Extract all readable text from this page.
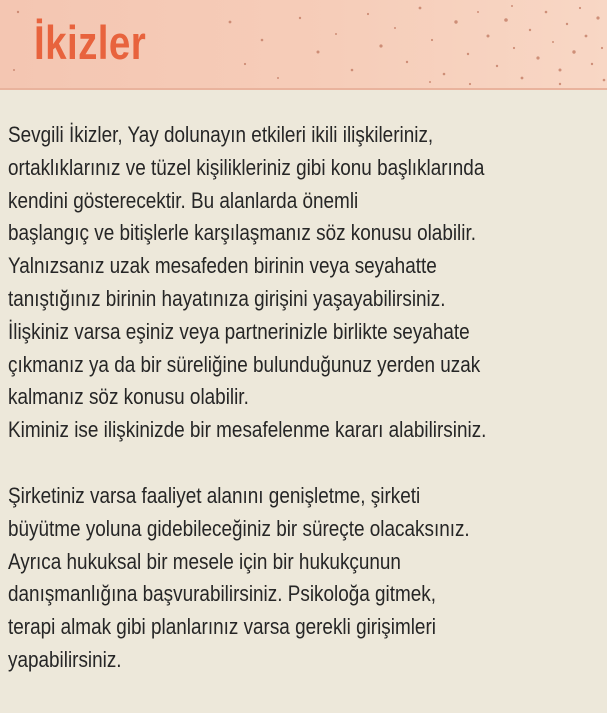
İkizler

Sevgili İkizler, Yay dolunayın etkileri ikili ilişkileriniz,
ortaklıklarınız ve tüzel kişilikleriniz gibi konu başlıklarında
kendini gösterecektir. Bu alanlarda önemli
başlangıç ve bitişlerle karşılaşmanız söz konusu olabilir.
Yalnızsanız uzak mesafeden birinin veya seyahatte
tanıştığınız birinin hayatınıza girişini yaşayabilirsiniz.
İlişkiniz varsa eşiniz veya partnerinizle birlikte seyahate
çıkmanız ya da bir süreliğine bulunduğunuz yerden uzak
kalmanız söz konusu olabilir.
Kiminiz ise ilişkinizde bir mesafelenme kararı alabilirsiniz.

Şirketiniz varsa faaliyet alanını genişletme, şirketi
büyütme yoluna gidebileceğiniz bir süreçte olacaksınız.
Ayrıca hukuksal bir mesele için bir hukukçunun
danışmanlığına başvurabilirsiniz. Psikoloğa gitmek,
terapi almak gibi planlarınız varsa gerekli girişimleri
yapabilirsiniz.
